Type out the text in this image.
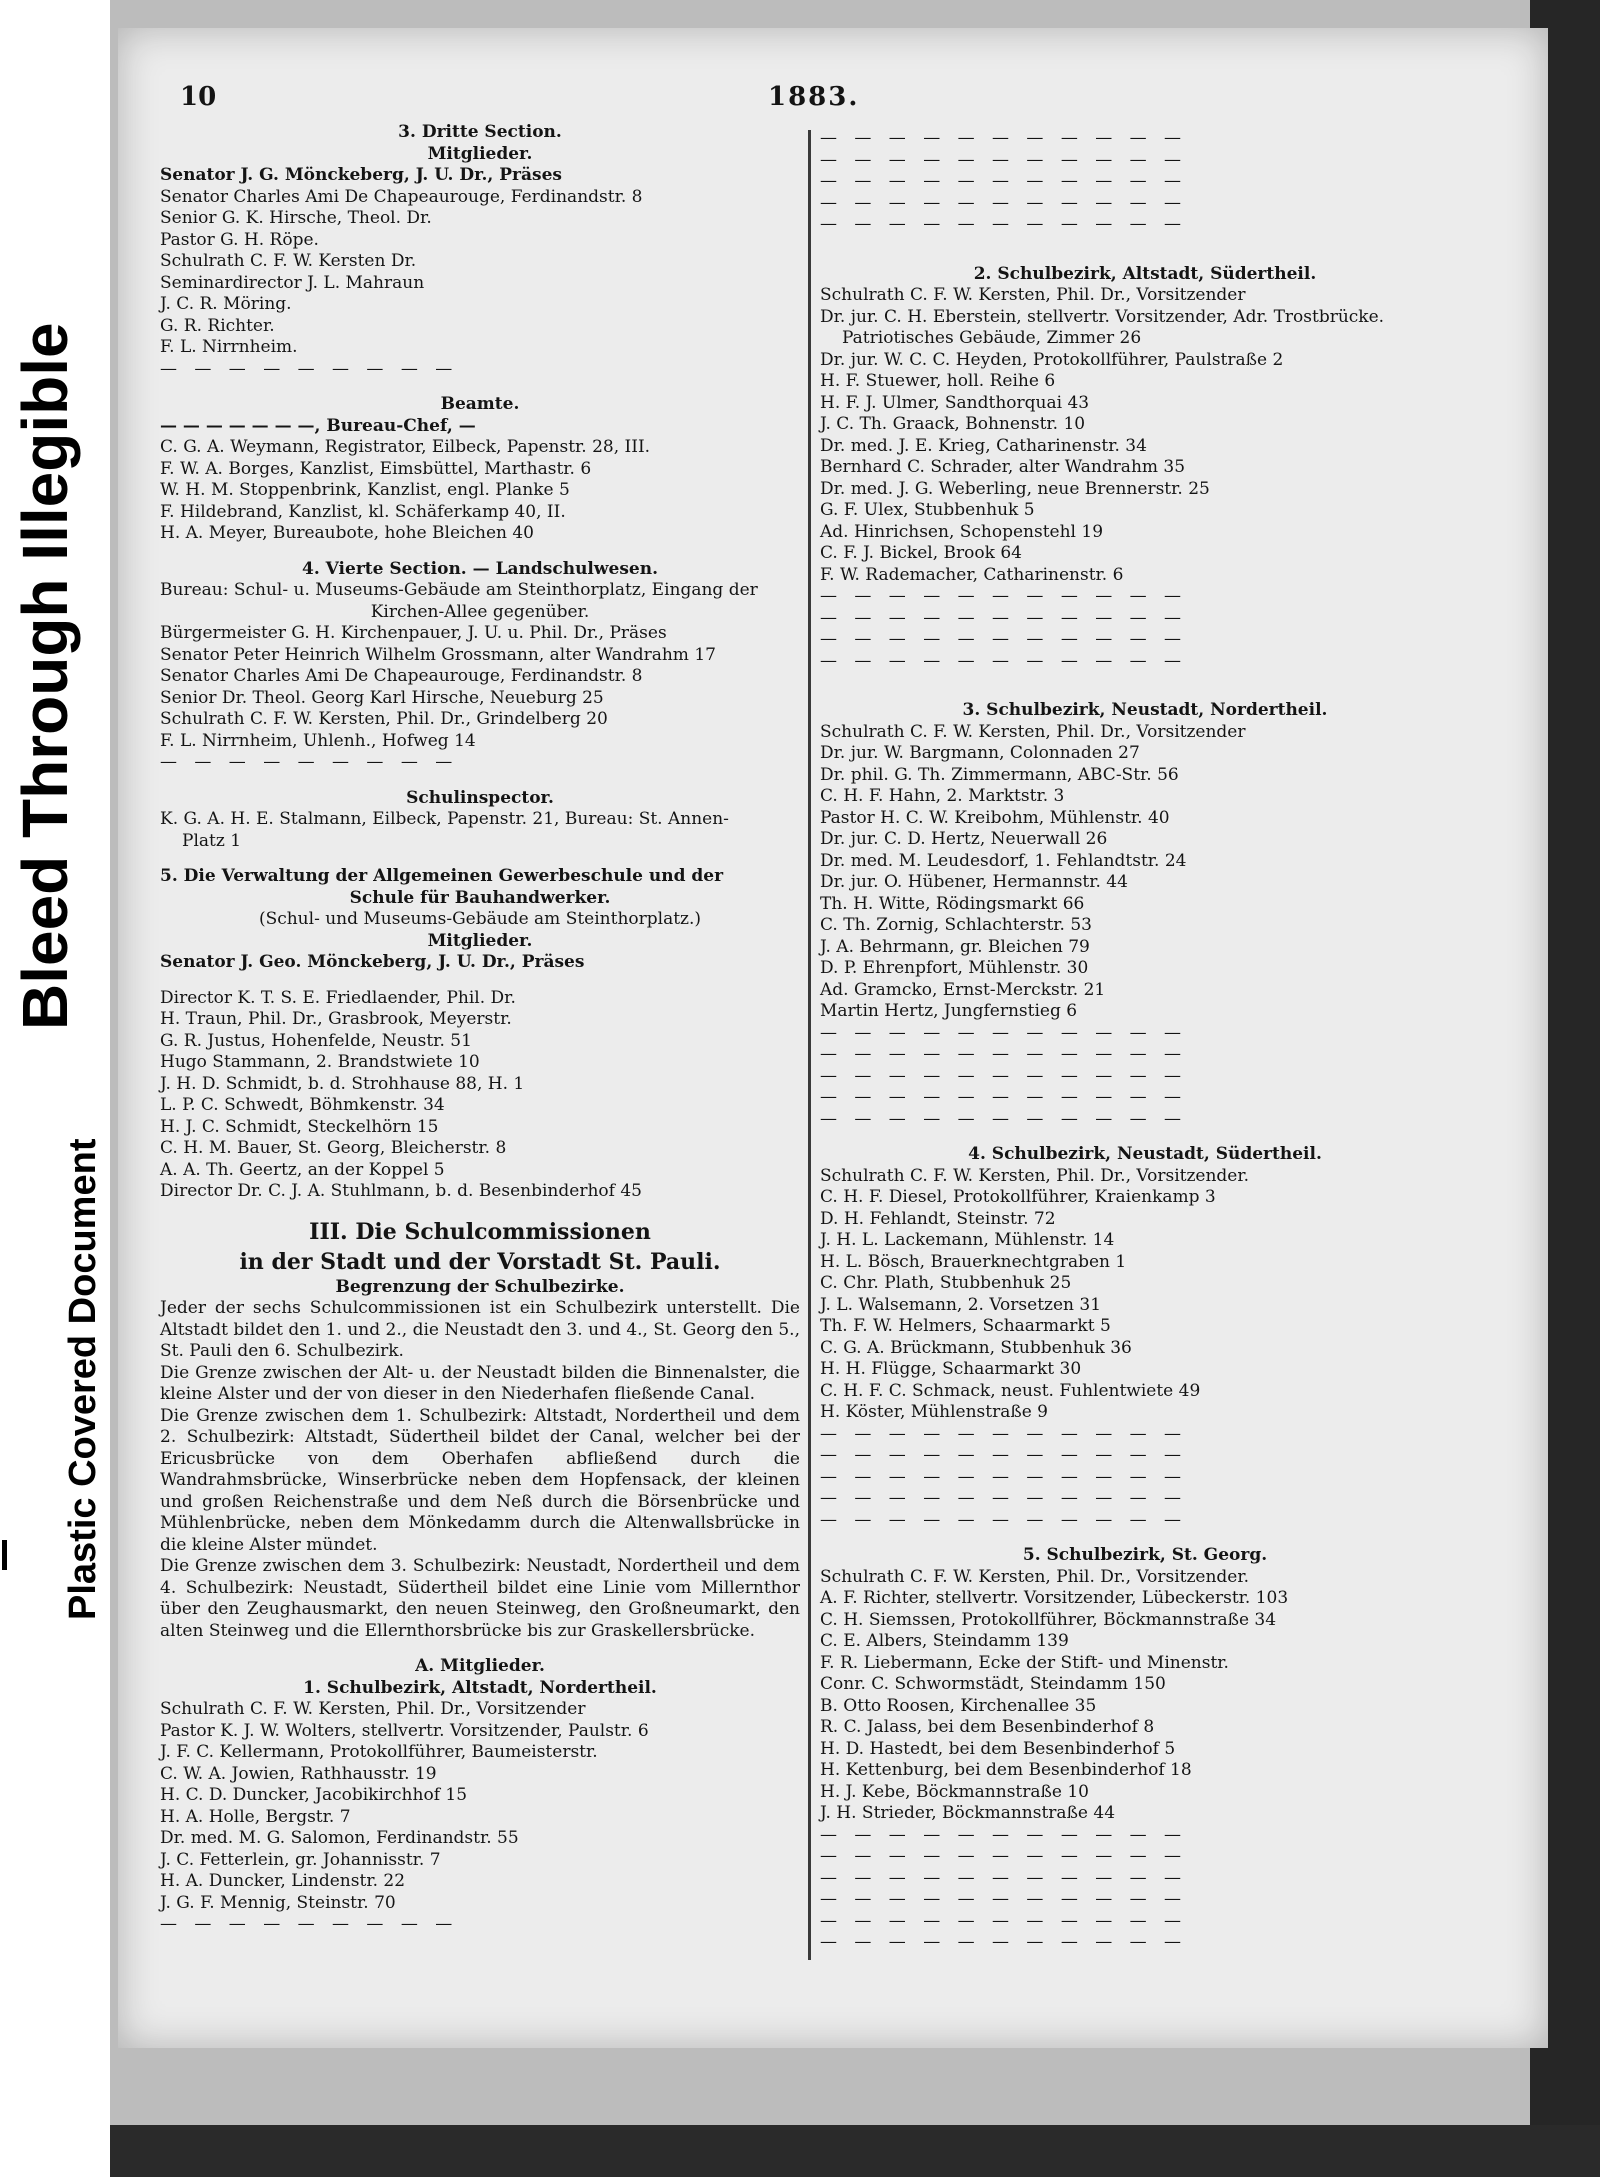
Bleed Through Illegible
Plastic Covered Document
10	1883.
3. Dritte Section.
Mitglieder.
Senator J. G. Mönckeberg, J. U. Dr., Präses
Senator Charles Ami De Chapeaurouge, Ferdinandstr. 8
Senior G. K. Hirsche, Theol. Dr.
Pastor G. H. Röpe.
Schulrath C. F. W. Kersten Dr.
Seminardirector J. L. Mahraun
J. C. R. Möring.
G. R. Richter.
F. L. Nirrnheim.
— — — — — — — — —
Beamte.
— — — — — — —, Bureau-Chef, —
C. G. A. Weymann, Registrator, Eilbeck, Papenstr. 28, III.
F. W. A. Borges, Kanzlist, Eimsbüttel, Marthastr. 6
W. H. M. Stoppenbrink, Kanzlist, engl. Planke 5
F. Hildebrand, Kanzlist, kl. Schäferkamp 40, II.
H. A. Meyer, Bureaubote, hohe Bleichen 40
4. Vierte Section. — Landschulwesen.
Bureau: Schul- u. Museums-Gebäude am Steinthorplatz, Eingang der
Kirchen-Allee gegenüber.
Bürgermeister G. H. Kirchenpauer, J. U. u. Phil. Dr., Präses
Senator Peter Heinrich Wilhelm Grossmann, alter Wandrahm 17
Senator Charles Ami De Chapeaurouge, Ferdinandstr. 8
Senior Dr. Theol. Georg Karl Hirsche, Neueburg 25
Schulrath C. F. W. Kersten, Phil. Dr., Grindelberg 20
F. L. Nirrnheim, Uhlenh., Hofweg 14
— — — — — — — — —
Schulinspector.
K. G. A. H. E. Stalmann, Eilbeck, Papenstr. 21, Bureau: St. Annen-
Platz 1
5. Die Verwaltung der Allgemeinen Gewerbeschule und der
Schule für Bauhandwerker.
(Schul- und Museums-Gebäude am Steinthorplatz.)
Mitglieder.
Senator J. Geo. Mönckeberg, J. U. Dr., Präses
Director K. T. S. E. Friedlaender, Phil. Dr.
H. Traun, Phil. Dr., Grasbrook, Meyerstr.
G. R. Justus, Hohenfelde, Neustr. 51
Hugo Stammann, 2. Brandstwiete 10
J. H. D. Schmidt, b. d. Strohhause 88, H. 1
L. P. C. Schwedt, Böhmkenstr. 34
H. J. C. Schmidt, Steckelhörn 15
C. H. M. Bauer, St. Georg, Bleicherstr. 8
A. A. Th. Geertz, an der Koppel 5
Director Dr. C. J. A. Stuhlmann, b. d. Besenbinderhof 45
III. Die Schulcommissionen
in der Stadt und der Vorstadt St. Pauli.
Begrenzung der Schulbezirke.
Jeder der sechs Schulcommissionen ist ein Schulbezirk unterstellt. Die Altstadt bildet den 1. und 2., die Neustadt den 3. und 4., St. Georg den 5., St. Pauli den 6. Schulbezirk.
Die Grenze zwischen der Alt- u. der Neustadt bilden die Binnenalster, die kleine Alster und der von dieser in den Niederhafen fließende Canal.
Die Grenze zwischen dem 1. Schulbezirk: Altstadt, Nordertheil und dem 2. Schulbezirk: Altstadt, Südertheil bildet der Canal, welcher bei der Ericusbrücke von dem Oberhafen abfließend durch die Wandrahmsbrücke, Winserbrücke neben dem Hopfensack, der kleinen und großen Reichenstraße und dem Neß durch die Börsenbrücke und Mühlenbrücke, neben dem Mönkedamm durch die Altenwallsbrücke in die kleine Alster mündet.
Die Grenze zwischen dem 3. Schulbezirk: Neustadt, Nordertheil und dem 4. Schulbezirk: Neustadt, Südertheil bildet eine Linie vom Millernthor über den Zeughausmarkt, den neuen Steinweg, den Großneumarkt, den alten Steinweg und die Ellernthorsbrücke bis zur Graskellersbrücke.
A. Mitglieder.
1. Schulbezirk, Altstadt, Nordertheil.
Schulrath C. F. W. Kersten, Phil. Dr., Vorsitzender
Pastor K. J. W. Wolters, stellvertr. Vorsitzender, Paulstr. 6
J. F. C. Kellermann, Protokollführer, Baumeisterstr.
C. W. A. Jowien, Rathhausstr. 19
H. C. D. Duncker, Jacobikirchhof 15
H. A. Holle, Bergstr. 7
Dr. med. M. G. Salomon, Ferdinandstr. 55
J. C. Fetterlein, gr. Johannisstr. 7
H. A. Duncker, Lindenstr. 22
J. G. F. Mennig, Steinstr. 70
— — — — — — — — —
— — — — — — — — — — —
— — — — — — — — — — —
— — — — — — — — — — —
— — — — — — — — — — —
— — — — — — — — — — —
2. Schulbezirk, Altstadt, Südertheil.
Schulrath C. F. W. Kersten, Phil. Dr., Vorsitzender
Dr. jur. C. H. Eberstein, stellvertr. Vorsitzender, Adr. Trostbrücke.
Patriotisches Gebäude, Zimmer 26
Dr. jur. W. C. C. Heyden, Protokollführer, Paulstraße 2
H. F. Stuewer, holl. Reihe 6
H. F. J. Ulmer, Sandthorquai 43
J. C. Th. Graack, Bohnenstr. 10
Dr. med. J. E. Krieg, Catharinenstr. 34
Bernhard C. Schrader, alter Wandrahm 35
Dr. med. J. G. Weberling, neue Brennerstr. 25
G. F. Ulex, Stubbenhuk 5
Ad. Hinrichsen, Schopenstehl 19
C. F. J. Bickel, Brook 64
F. W. Rademacher, Catharinenstr. 6
— — — — — — — — — — —
— — — — — — — — — — —
— — — — — — — — — — —
— — — — — — — — — — —
3. Schulbezirk, Neustadt, Nordertheil.
Schulrath C. F. W. Kersten, Phil. Dr., Vorsitzender
Dr. jur. W. Bargmann, Colonnaden 27
Dr. phil. G. Th. Zimmermann, ABC-Str. 56
C. H. F. Hahn, 2. Marktstr. 3
Pastor H. C. W. Kreibohm, Mühlenstr. 40
Dr. jur. C. D. Hertz, Neuerwall 26
Dr. med. M. Leudesdorf, 1. Fehlandtstr. 24
Dr. jur. O. Hübener, Hermannstr. 44
Th. H. Witte, Rödingsmarkt 66
C. Th. Zornig, Schlachterstr. 53
J. A. Behrmann, gr. Bleichen 79
D. P. Ehrenpfort, Mühlenstr. 30
Ad. Gramcko, Ernst-Merckstr. 21
Martin Hertz, Jungfernstieg 6
— — — — — — — — — — —
— — — — — — — — — — —
— — — — — — — — — — —
— — — — — — — — — — —
— — — — — — — — — — —
4. Schulbezirk, Neustadt, Südertheil.
Schulrath C. F. W. Kersten, Phil. Dr., Vorsitzender.
C. H. F. Diesel, Protokollführer, Kraienkamp 3
D. H. Fehlandt, Steinstr. 72
J. H. L. Lackemann, Mühlenstr. 14
H. L. Bösch, Brauerknechtgraben 1
C. Chr. Plath, Stubbenhuk 25
J. L. Walsemann, 2. Vorsetzen 31
Th. F. W. Helmers, Schaarmarkt 5
C. G. A. Brückmann, Stubbenhuk 36
H. H. Flügge, Schaarmarkt 30
C. H. F. C. Schmack, neust. Fuhlentwiete 49
H. Köster, Mühlenstraße 9
— — — — — — — — — — —
— — — — — — — — — — —
— — — — — — — — — — —
— — — — — — — — — — —
— — — — — — — — — — —
5. Schulbezirk, St. Georg.
Schulrath C. F. W. Kersten, Phil. Dr., Vorsitzender.
A. F. Richter, stellvertr. Vorsitzender, Lübeckerstr. 103
C. H. Siemssen, Protokollführer, Böckmannstraße 34
C. E. Albers, Steindamm 139
F. R. Liebermann, Ecke der Stift- und Minenstr.
Conr. C. Schwormstädt, Steindamm 150
B. Otto Roosen, Kirchenallee 35
R. C. Jalass, bei dem Besenbinderhof 8
H. D. Hastedt, bei dem Besenbinderhof 5
H. Kettenburg, bei dem Besenbinderhof 18
H. J. Kebe, Böckmannstraße 10
J. H. Strieder, Böckmannstraße 44
— — — — — — — — — — —
— — — — — — — — — — —
— — — — — — — — — — —
— — — — — — — — — — —
— — — — — — — — — — —
— — — — — — — — — — —
